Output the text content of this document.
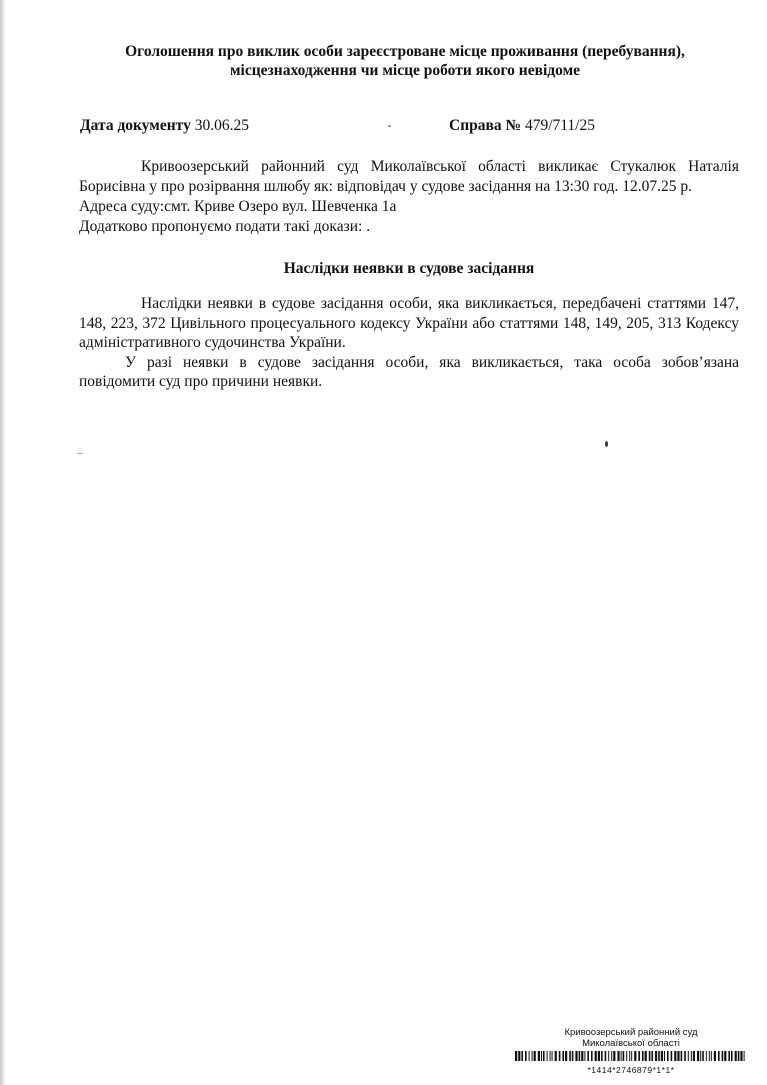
Оголошення про виклик особи зареєстроване місце проживання (перебування),
місцезнаходження чи місце роботи якого невідоме
Дата документу 30.06.25	Справа № 479/711/25

Кривоозерський районний суд Миколаївської області викликає Стукалюк Наталія Борисівна у про розірвання шлюбу як: відповідач у судове засідання на 13:30 год. 12.07.25 р.

Адреса суду:смт. Криве Озеро вул. Шевченка 1а

Додатково пропонуємо подати такі докази: .

Наслідки неявки в судове засідання

Наслідки неявки в судове засідання особи, яка викликається, передбачені статтями 147, 148, 223, 372 Цивільного процесуального кодексу України або статтями 148, 149, 205, 313 Кодексу адміністративного судочинства України.

У разі неявки в судове засідання особи, яка викликається, така особа зобов’язана повідомити суд про причини неявки.

Кривоозерський районний суд
Миколаївської області
*1414*2746879*1*1*
